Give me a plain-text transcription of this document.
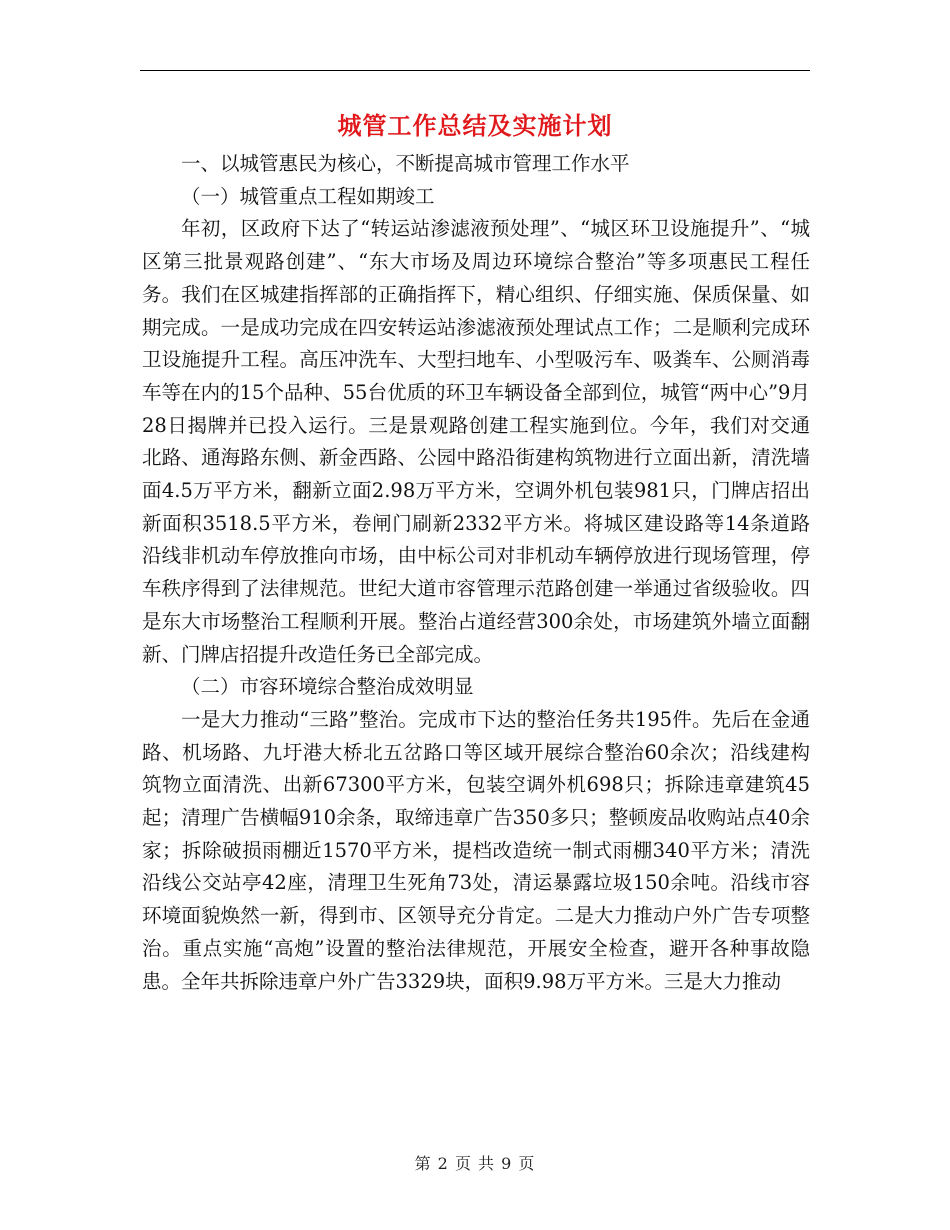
城管工作总结及实施计划

一、以城管惠民为核心，不断提高城市管理工作水平

（一）城管重点工程如期竣工

年初，区政府下达了“转运站渗滤液预处理”、“城区环卫设施提升”、“城区第三批景观路创建”、“东大市场及周边环境综合整治”等多项惠民工程任务。我们在区城建指挥部的正确指挥下，精心组织、仔细实施、保质保量、如期完成。一是成功完成在四安转运站渗滤液预处理试点工作；二是顺利完成环卫设施提升工程。高压冲洗车、大型扫地车、小型吸污车、吸粪车、公厕消毒车等在内的15个品种、55台优质的环卫车辆设备全部到位，城管“两中心”9月28日揭牌并已投入运行。三是景观路创建工程实施到位。今年，我们对交通北路、通海路东侧、新金西路、公园中路沿街建构筑物进行立面出新，清洗墙面4.5万平方米，翻新立面2.98万平方米，空调外机包装981只，门牌店招出新面积3518.5平方米，卷闸门刷新2332平方米。将城区建设路等14条道路沿线非机动车停放推向市场，由中标公司对非机动车辆停放进行现场管理，停车秩序得到了法律规范。世纪大道市容管理示范路创建一举通过省级验收。四是东大市场整治工程顺利开展。整治占道经营300余处，市场建筑外墙立面翻新、门牌店招提升改造任务已全部完成。

（二）市容环境综合整治成效明显

一是大力推动“三路”整治。完成市下达的整治任务共195件。先后在金通路、机场路、九圩港大桥北五岔路口等区域开展综合整治60余次；沿线建构筑物立面清洗、出新67300平方米，包装空调外机698只；拆除违章建筑45起；清理广告横幅910余条，取缔违章广告350多只；整顿废品收购站点40余家；拆除破损雨棚近1570平方米，提档改造统一制式雨棚340平方米；清洗沿线公交站亭42座，清理卫生死角73处，清运暴露垃圾150余吨。沿线市容环境面貌焕然一新，得到市、区领导充分肯定。二是大力推动户外广告专项整治。重点实施“高炮”设置的整治法律规范，开展安全检查，避开各种事故隐患。全年共拆除违章户外广告3329块，面积9.98万平方米。三是大力推动

第 2 页 共 9 页
